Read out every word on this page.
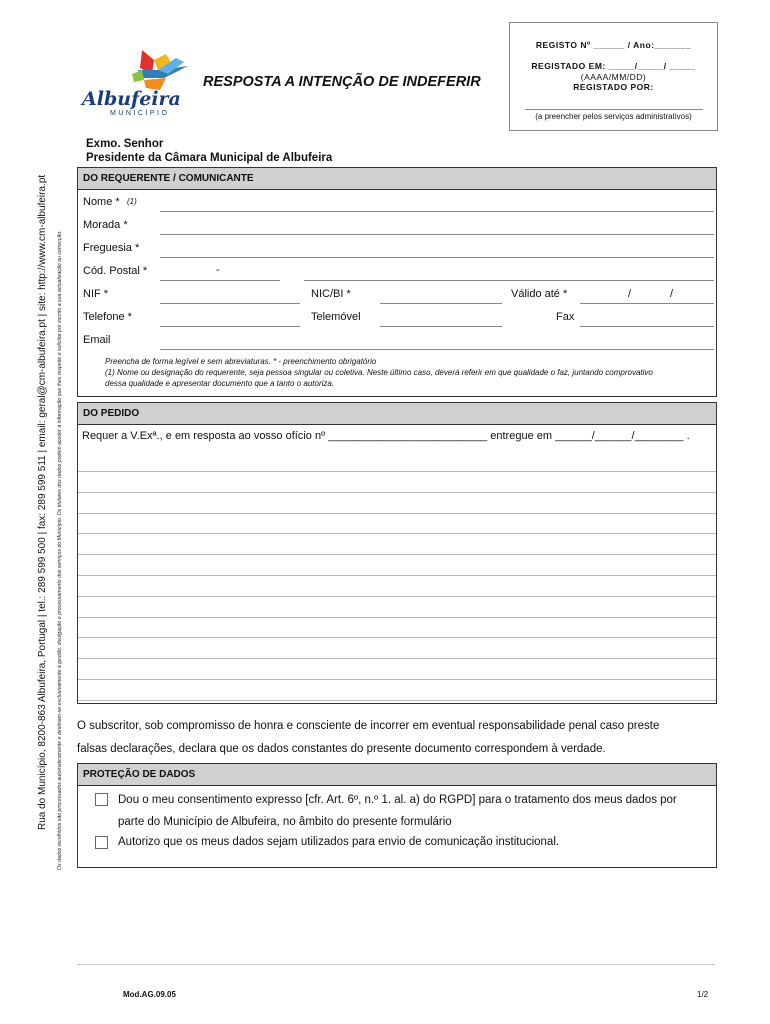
Rua do Município, 8200-863 Albufeira, Portugal | tel.: 289 599 500 | fax: 289 599 511 | email: geral@cm-albufeira.pt | site: http://www.cm-albufeira.pt Os dados recolhidos são processados automaticamente e destinam-se exclusivamente à gestão, divulgação e processamento dos serviços do Município. Os titulares dos dados podem aceder à informação que lhes respeite e solicitar por escrito a sua actualização ou correcção.
Albufeira
MUNICÍPIO
RESPOSTA A INTENÇÃO DE INDEFERIR
REGISTO Nº ______ / Ano:_______
REGISTADO EM: _____/_____/ _____
(AAAA/MM/DD)
REGISTADO POR:
(a preencher pelos serviços administrativos)
Exmo. Senhor
Presidente da Câmara Municipal de Albufeira
DO REQUERENTE / COMUNICANTE
Nome * (1)
Morada *
Freguesia *
Cód. Postal *	-
NIF *	NIC/BI *	Válido até *	/	/
Telefone *	Telemóvel	Fax
Email
Preencha de forma legível e sem abreviaturas. * - preenchimento obrigatório
(1) Nome ou designação do requerente, seja pessoa singular ou coletiva. Neste último caso, deverá referir em que qualidade o faz, juntando comprovativo
dessa qualidade e apresentar documento que a tanto o autoriza.
DO PEDIDO
Requer a V.Exª., e em resposta ao vosso ofício nº __________________________ entregue em ______/______/________ .
O subscritor, sob compromisso de honra e consciente de incorrer em eventual responsabilidade penal caso preste
falsas declarações, declara que os dados constantes do presente documento correspondem à verdade.
PROTEÇÃO DE DADOS
Dou o meu consentimento expresso [cfr. Art. 6º, n.º 1. al. a) do RGPD] para o tratamento dos meus dados por
parte do Município de Albufeira, no âmbito do presente formulário
Autorizo que os meus dados sejam utilizados para envio de comunicação institucional.
Mod.AG.09.05	1/2
